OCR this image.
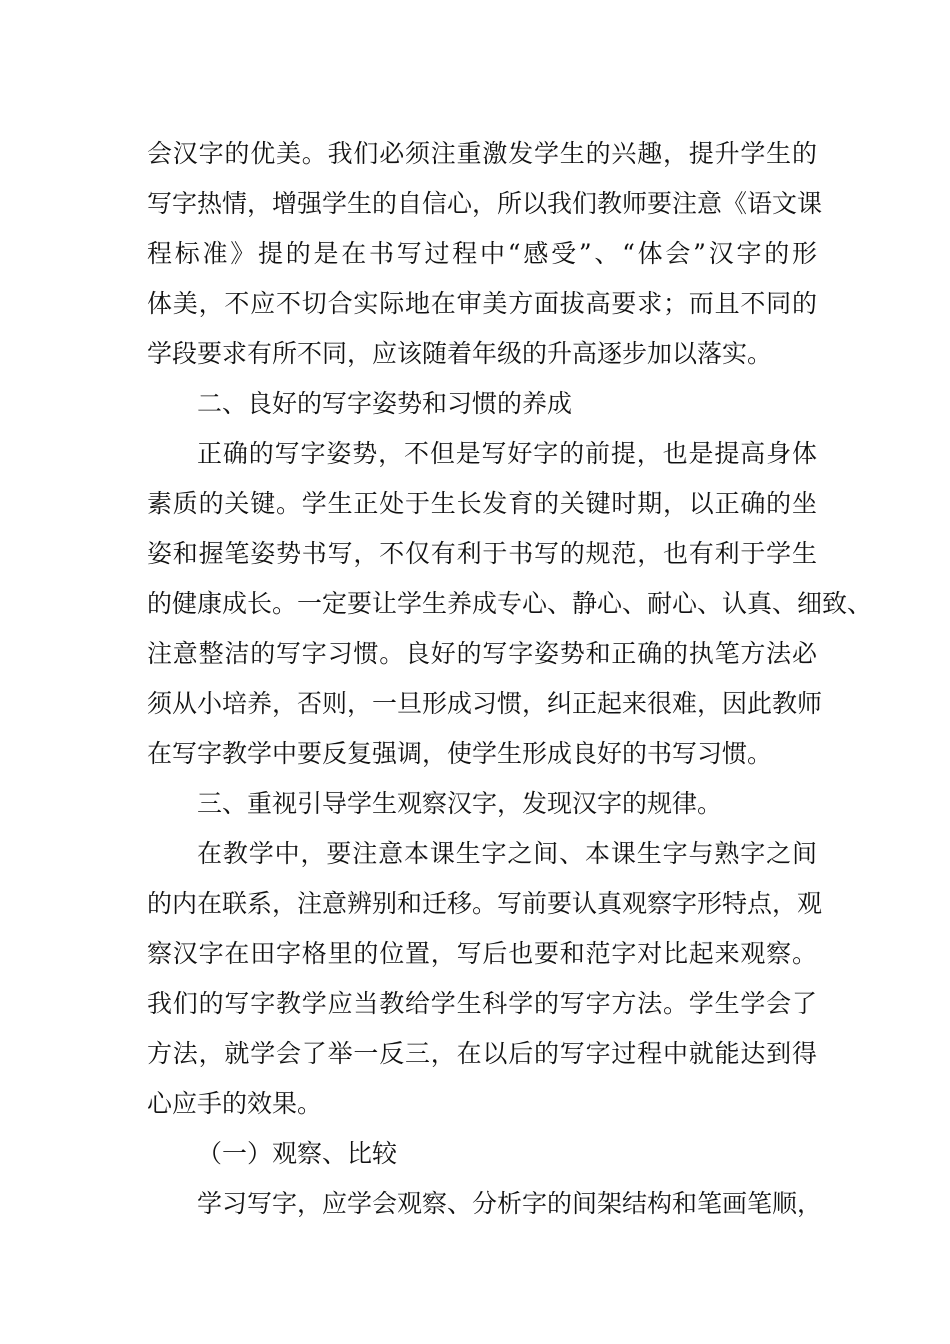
会汉字的优美。我们必须注重激发学生的兴趣，提升学生的
写字热情，增强学生的自信心，所以我们教师要注意《语文课
程标准》提的是在书写过程中“感受”、“体会”汉字的形
体美，不应不切合实际地在审美方面拔高要求；而且不同的
学段要求有所不同，应该随着年级的升高逐步加以落实。
二、良好的写字姿势和习惯的养成
正确的写字姿势，不但是写好字的前提，也是提高身体
素质的关键。学生正处于生长发育的关键时期，以正确的坐
姿和握笔姿势书写，不仅有利于书写的规范，也有利于学生
的健康成长。一定要让学生养成专心、静心、耐心、认真、细致、
注意整洁的写字习惯。良好的写字姿势和正确的执笔方法必
须从小培养，否则，一旦形成习惯，纠正起来很难，因此教师
在写字教学中要反复强调，使学生形成良好的书写习惯。
三、重视引导学生观察汉字，发现汉字的规律。
在教学中，要注意本课生字之间、本课生字与熟字之间
的内在联系，注意辨别和迁移。写前要认真观察字形特点，观
察汉字在田字格里的位置，写后也要和范字对比起来观察。
我们的写字教学应当教给学生科学的写字方法。学生学会了
方法，就学会了举一反三，在以后的写字过程中就能达到得
心应手的效果。
（一）观察、比较
学习写字，应学会观察、分析字的间架结构和笔画笔顺，
